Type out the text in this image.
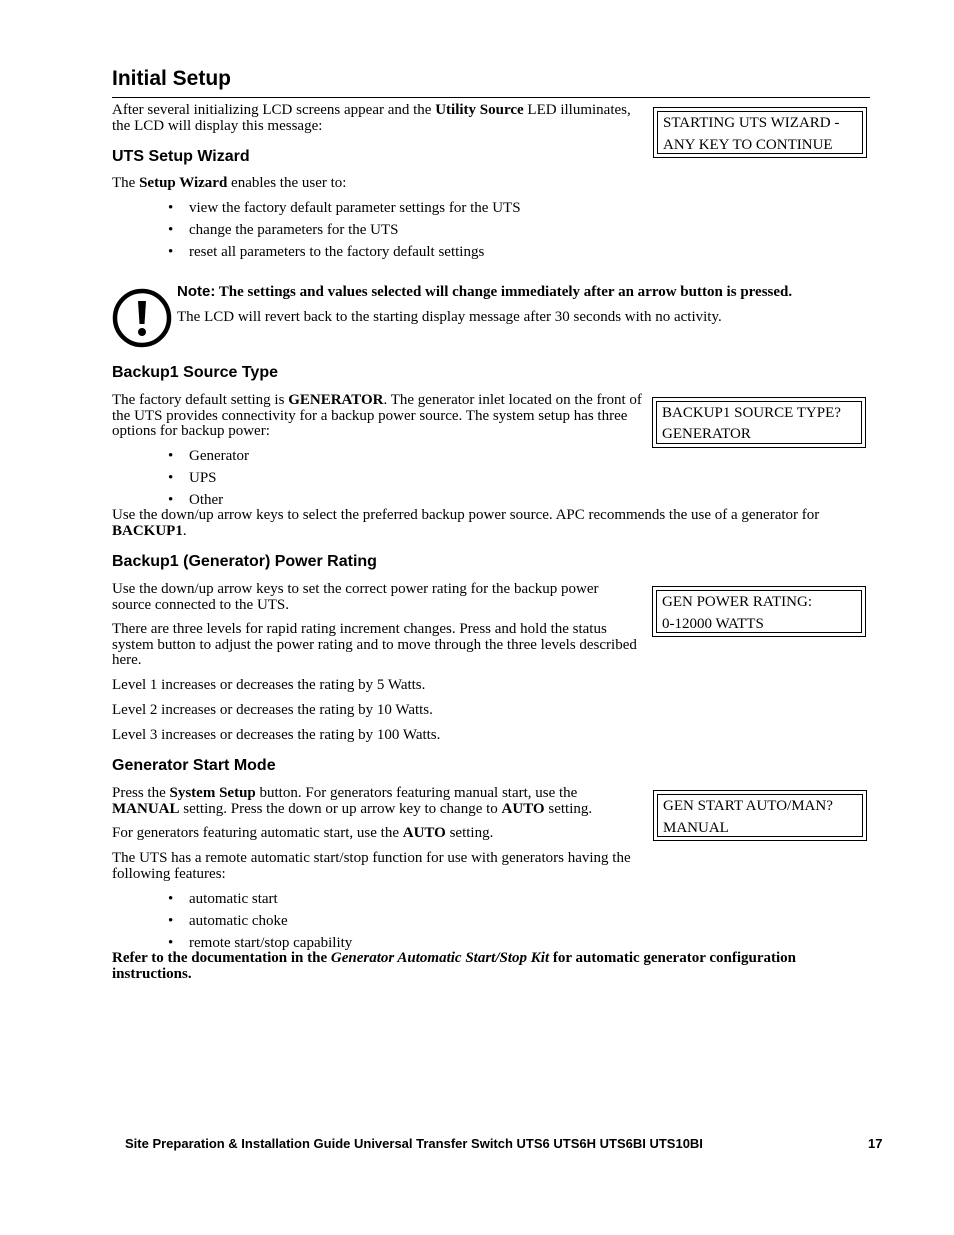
Initial Setup

After several initializing LCD screens appear and the Utility Source LED illuminates, the LCD will display this message:	STARTING UTS WIZARD -
ANY KEY TO CONTINUE
UTS Setup Wizard

The Setup Wizard enables the user to:

• view the factory default parameter settings for the UTS
• change the parameters for the UTS
• reset all parameters to the factory default settings

Note: The settings and values selected will change immediately after an arrow button is pressed.

The LCD will revert back to the starting display message after 30 seconds with no activity.

Backup1 Source Type

The factory default setting is GENERATOR. The generator inlet located on the front of the UTS provides connectivity for a backup power source. The system setup has three options for backup power:

BACKUP1 SOURCE TYPE?
GENERATOR
• Generator
• UPS
• Other

Use the down/up arrow keys to select the preferred backup power source. APC recommends the use of a generator for BACKUP1.

Backup1 (Generator) Power Rating

Use the down/up arrow keys to set the correct power rating for the backup power source connected to the UTS.	GEN POWER RATING:
0-12000 WATTS

There are three levels for rapid rating increment changes. Press and hold the status system button to adjust the power rating and to move through the three levels described here.

Level 1 increases or decreases the rating by 5 Watts.

Level 2 increases or decreases the rating by 10 Watts.

Level 3 increases or decreases the rating by 100 Watts.

Generator Start Mode

Press the System Setup button. For generators featuring manual start, use the MANUAL setting. Press the down or up arrow key to change to AUTO setting.	GEN START AUTO/MAN?
MANUAL

For generators featuring automatic start, use the AUTO setting.

The UTS has a remote automatic start/stop function for use with generators having the following features:

• automatic start
• automatic choke
• remote start/stop capability

Refer to the documentation in the Generator Automatic Start/Stop Kit for automatic generator configuration instructions.

Site Preparation & Installation Guide Universal Transfer Switch UTS6 UTS6H UTS6BI UTS10BI	17
